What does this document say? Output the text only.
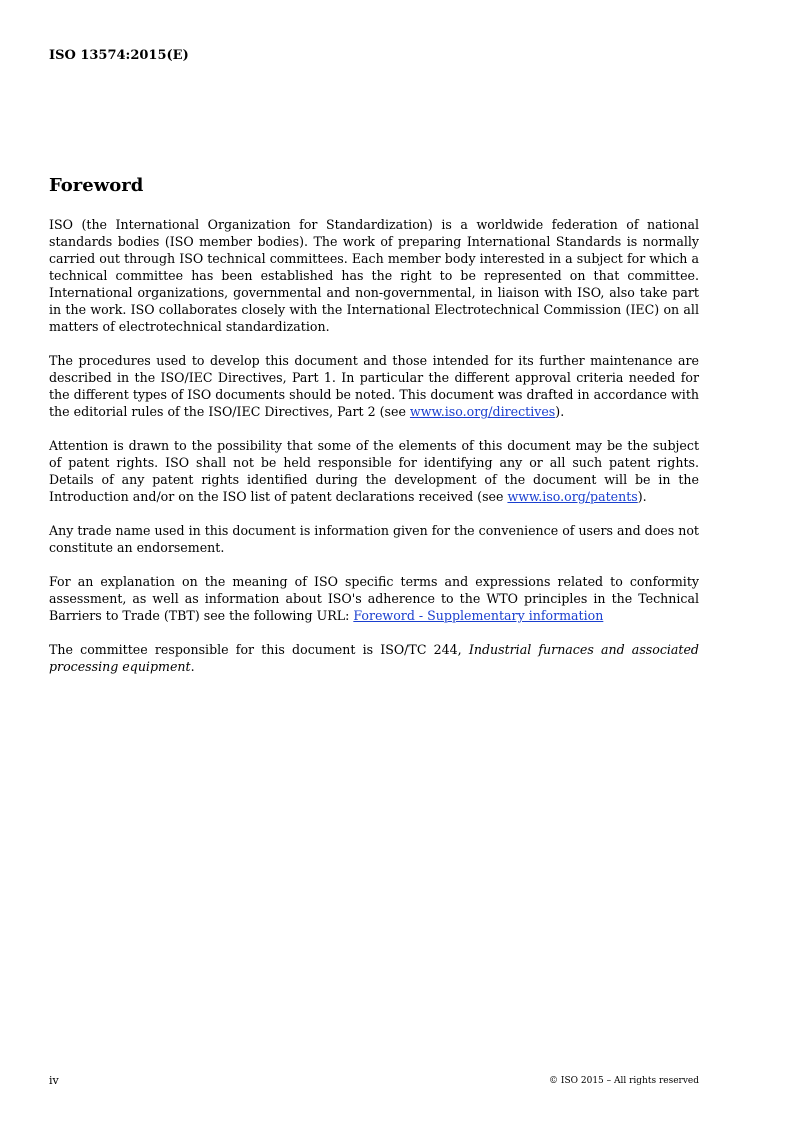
ISO 13574:2015(E)
Foreword

ISO (the International Organization for Standardization) is a worldwide federation of national standards bodies (ISO member bodies). The work of preparing International Standards is normally carried out through ISO technical committees. Each member body interested in a subject for which a technical committee has been established has the right to be represented on that committee. International organizations, governmental and non-governmental, in liaison with ISO, also take part in the work. ISO collaborates closely with the International Electrotechnical Commission (IEC) on all matters of electrotechnical standardization.

The procedures used to develop this document and those intended for its further maintenance are described in the ISO/IEC Directives, Part 1. In particular the different approval criteria needed for the different types of ISO documents should be noted. This document was drafted in accordance with the editorial rules of the ISO/IEC Directives, Part 2 (see www.iso.org/directives).

Attention is drawn to the possibility that some of the elements of this document may be the subject of patent rights. ISO shall not be held responsible for identifying any or all such patent rights. Details of any patent rights identified during the development of the document will be in the Introduction and/or on the ISO list of patent declarations received (see www.iso.org/patents).

Any trade name used in this document is information given for the convenience of users and does not constitute an endorsement.

For an explanation on the meaning of ISO specific terms and expressions related to conformity assessment, as well as information about ISO's adherence to the WTO principles in the Technical Barriers to Trade (TBT) see the following URL: Foreword - Supplementary information

The committee responsible for this document is ISO/TC 244, Industrial furnaces and associated processing equipment.

iv	© ISO 2015 – All rights reserved
